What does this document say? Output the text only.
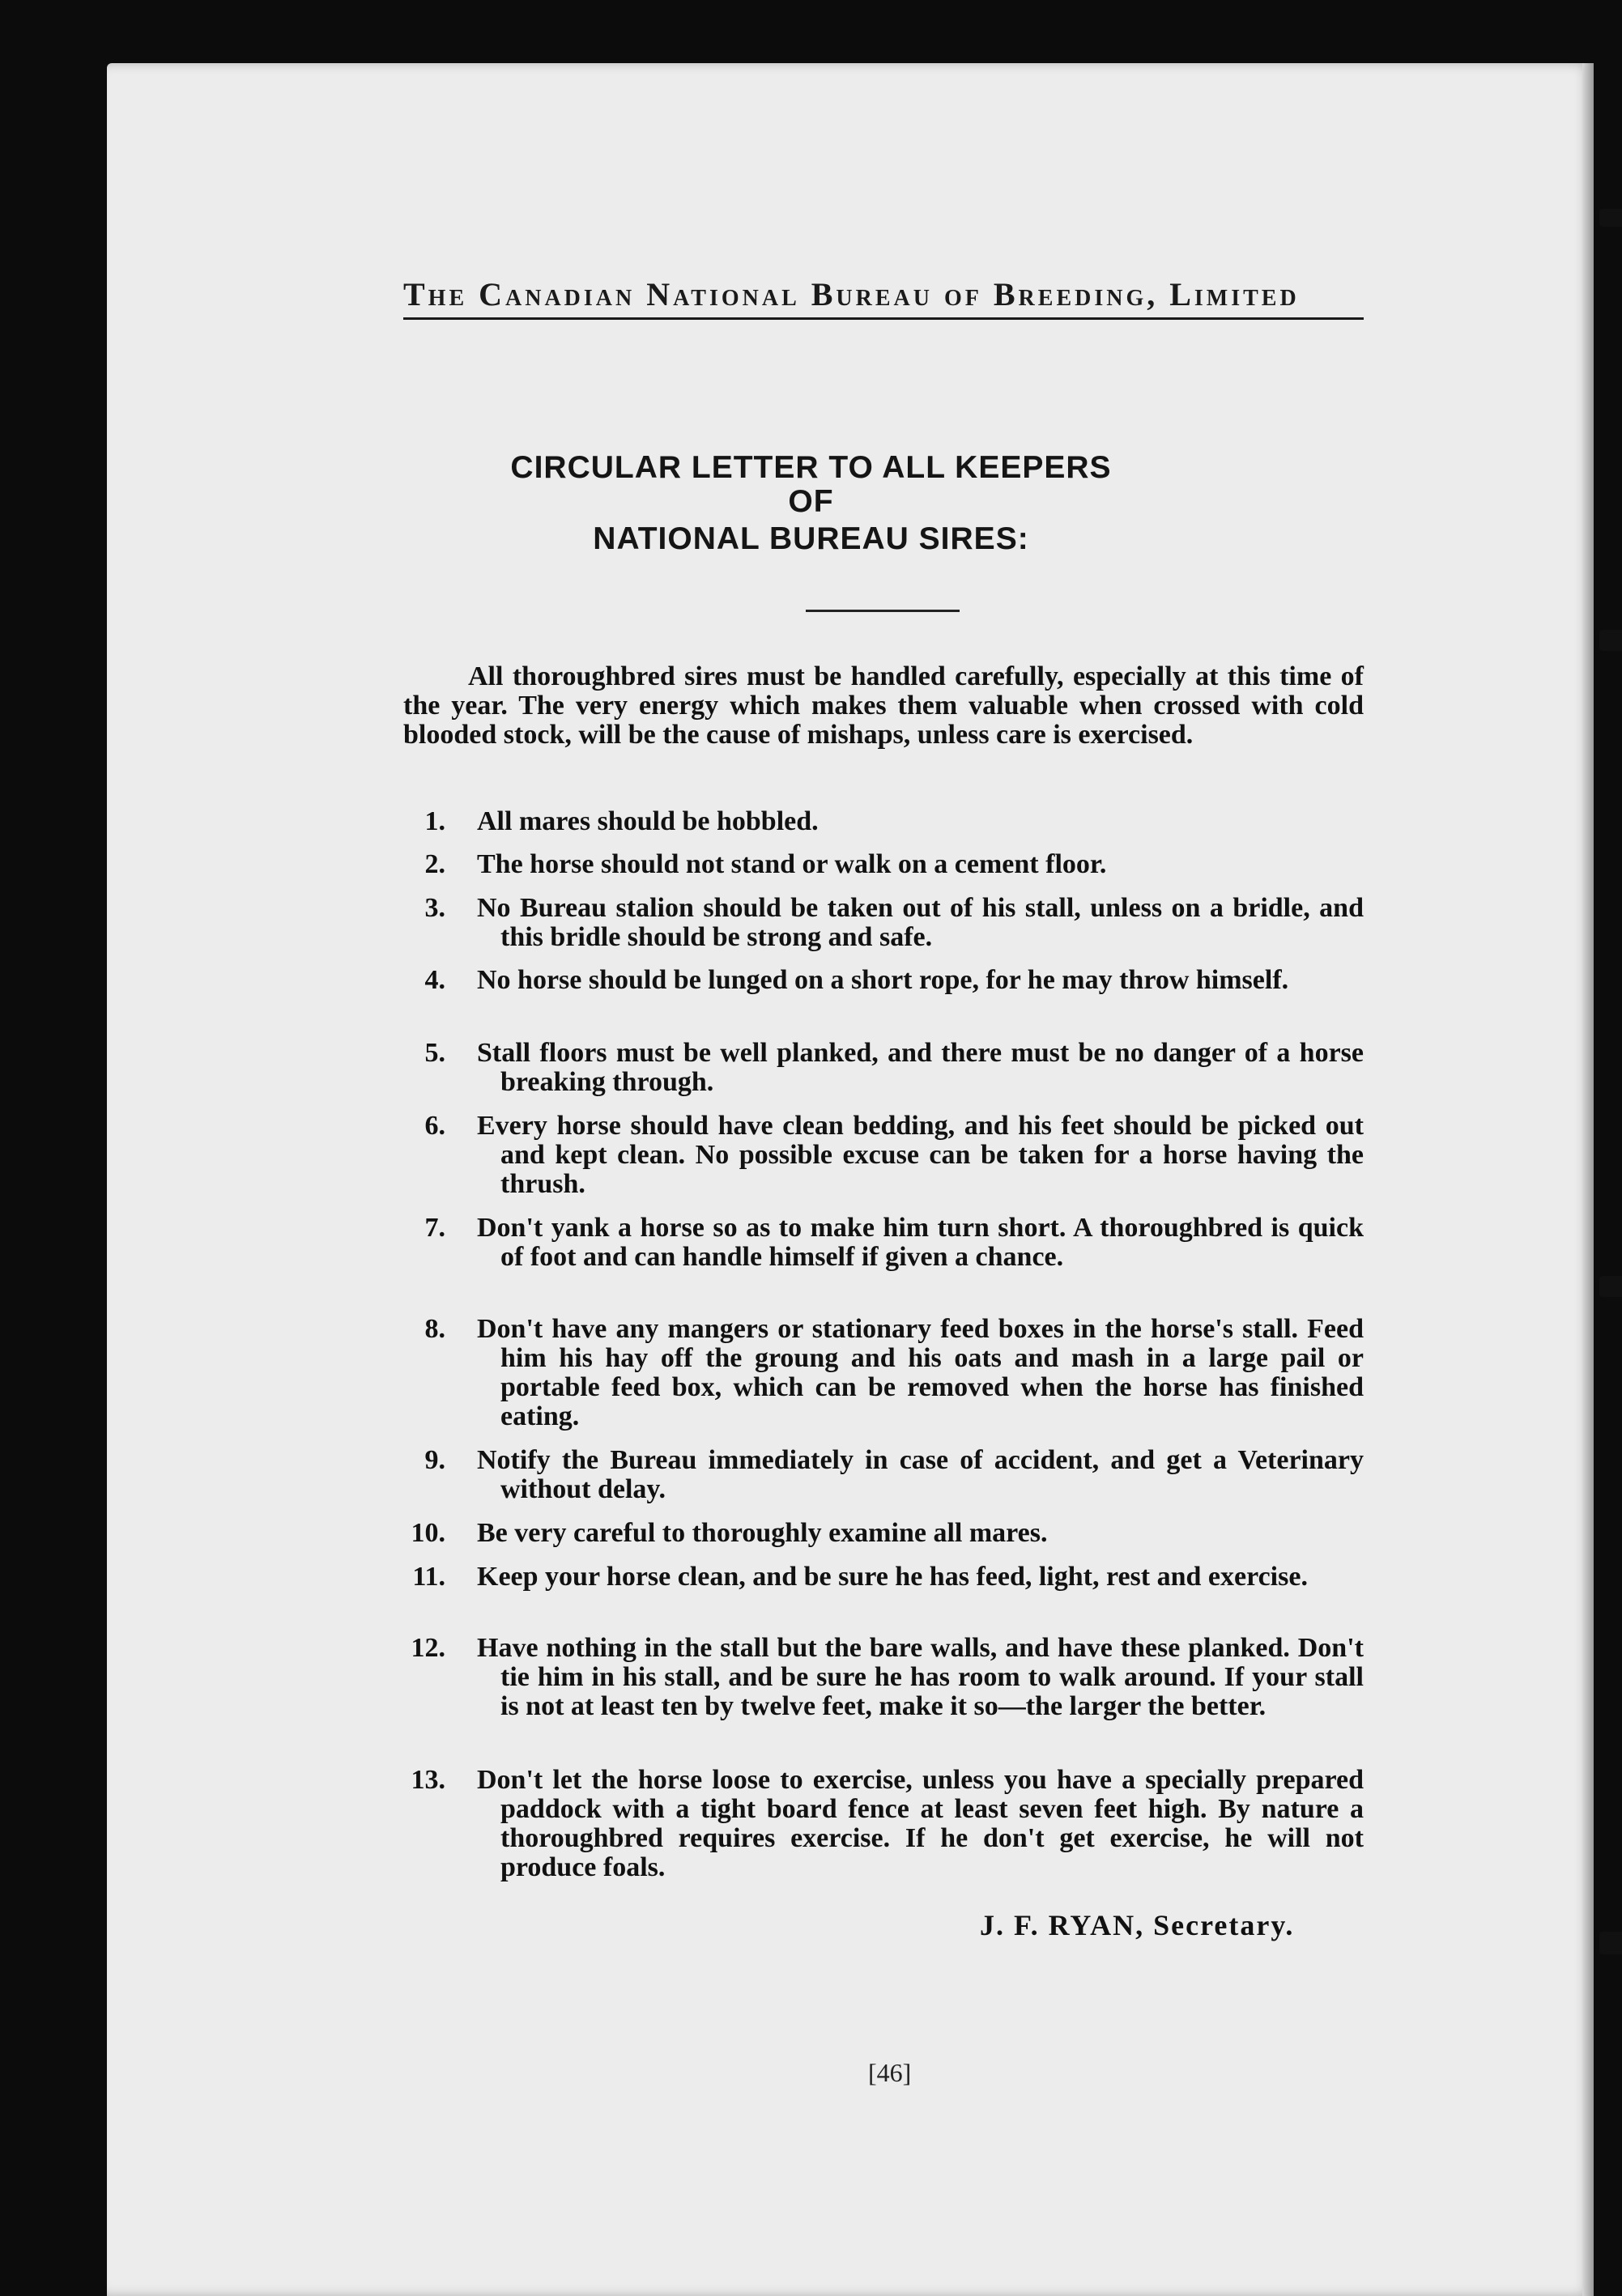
The Canadian National Bureau of Breeding, Limited
CIRCULAR LETTER TO ALL KEEPERS
OF
NATIONAL BUREAU SIRES:
All thoroughbred sires must be handled carefully, especially at this time of the year. The very energy which makes them valuable when crossed with cold blooded stock, will be the cause of mishaps, unless care is exercised.
1. All mares should be hobbled.
2. The horse should not stand or walk on a cement floor.
3. No Bureau stalion should be taken out of his stall, unless on a bridle, and this bridle should be strong and safe.
4. No horse should be lunged on a short rope, for he may throw himself.
5. Stall floors must be well planked, and there must be no danger of a horse breaking through.
6. Every horse should have clean bedding, and his feet should be picked out and kept clean. No possible excuse can be taken for a horse having the thrush.
7. Don't yank a horse so as to make him turn short. A thoroughbred is quick of foot and can handle himself if given a chance.
8. Don't have any mangers or stationary feed boxes in the horse's stall. Feed him his hay off the groung and his oats and mash in a large pail or portable feed box, which can be removed when the horse has finished eating.
9. Notify the Bureau immediately in case of accident, and get a Veterinary without delay.
10. Be very careful to thoroughly examine all mares.
11. Keep your horse clean, and be sure he has feed, light, rest and exercise.
12. Have nothing in the stall but the bare walls, and have these planked. Don't tie him in his stall, and be sure he has room to walk around. If your stall is not at least ten by twelve feet, make it so—the larger the better.
13. Don't let the horse loose to exercise, unless you have a specially prepared paddock with a tight board fence at least seven feet high. By nature a thoroughbred requires exercise. If he don't get exercise, he will not produce foals.
J. F. RYAN, Secretary.
[46]
